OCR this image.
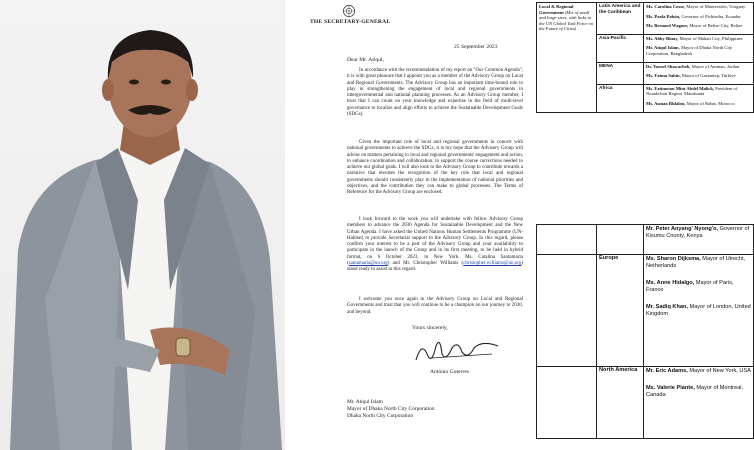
THE SECRETARY-GENERAL
25 September 2023
Dear Mr. Atiqul,

In accordance with the recommendation of my report on "Our Common Agenda", it is with great pleasure that I appoint you as a member of the Advisory Group on Local and Regional Governments. The Advisory Group has an important time-bound role to play in strengthening the engagement of local and regional governments in intergovernmental and national planning processes. As an Advisory Group member, I trust that I can count on your knowledge and expertise in the field of multi-level governance to localize and align efforts to achieve the Sustainable Development Goals (SDGs).

Given the important role of local and regional governments in concert with national governments to achieve the SDGs, it is my hope that the Advisory Group will advise on matters pertaining to local and regional governments' engagement and action, to enhance coordination and collaboration, to support the course corrections needed to achieve our global goals. I will also look to the Advisory Group to contribute towards a narrative that elevates the recognition of the key role that local and regional governments should consistently play in the implementation of national priorities and objectives, and the contribution they can make to global processes. The Terms of Reference for the Advisory Group are enclosed.

I look forward to the work you will undertake with fellow Advisory Group members to advance the 2030 Agenda for Sustainable Development and the New Urban Agenda. I have asked the United Nations Human Settlements Programme (UN-Habitat) to provide Secretariat support to the Advisory Group. In this regard, please confirm your interest to be a part of the Advisory Group and your availability to participate in the launch of the Group and in its first meeting, to be held in hybrid format, on 6 October 2023, in New York. Ms. Catalina Santamaria (santamaria@un.org) and Mr. Christopher Williams (christopher.williams@un.org) stand ready to assist in this regard.

I welcome you once again to the Advisory Group on Local and Regional Governments and trust that you will continue to be a champion on our journey to 2030, and beyond.

Yours sincerely,
António Guterres
Mr. Atiqul Islam
Mayor of Dhaka North City Corporation
Dhaka North City Corporation
Local & Regional Government (Mix of small and large sizes, with links to the UN Global Task Force on the Future of Cities)	Latin America and the Caribbean	Ms. Carolina Cosse, Mayor of Montevideo, Uruguay
Ms. Paola Pabón, Governor of Pichincha, Ecuador
Mr. Bernard Wagner, Mayor of Belize City, Belize

	Asia-Pacific	Ms. Abby Binay, Mayor of Makati City, Philippines
Mr. Atiqul Islam, Mayor of Dhaka North City Corporation, Bangladesh

	MENA	Dr. Yousef Shawarbeh, Mayor of Amman, Jordan
Ms. Fatma Sahin, Mayor of Gaziantep, Türkiye

	Africa	Ms. Fatimetou Mint Abdel Malick, President of Nouakchott Region, Mauritania
Ms. Asmaa Rhlalou, Mayor of Rabat, Morocco

		Mr. Peter Anyang' Nyong'o, Governor of Kisumu County, Kenya

	Europe	Ms. Sharon Dijksma, Mayor of Utrecht, Netherlands
Ms. Anne Hidalgo, Mayor of Paris, France
Mr. Sadiq Khan, Mayor of London, United Kingdom

	North America	Mr. Eric Adams, Mayor of New York, USA
Ms. Valerie Plante, Mayor of Montreal, Canada
